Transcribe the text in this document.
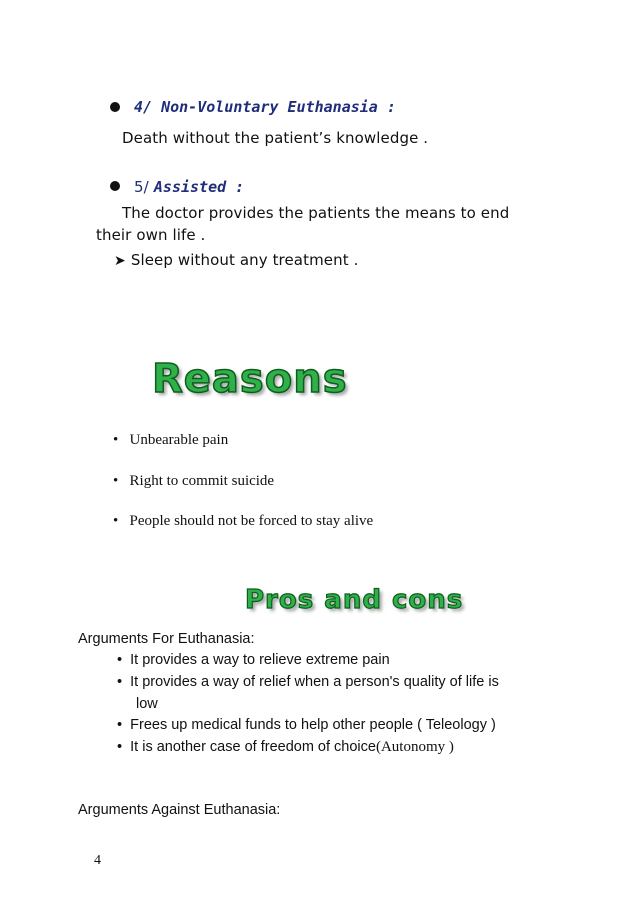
4/ Non-Voluntary Euthanasia :
Death without the patient’s knowledge .
5/ Assisted :
The doctor provides the patients the means to end
their own life .
➤ Sleep without any treatment .
Reasons
• Unbearable pain
• Right to commit suicide
• People should not be forced to stay alive
Pros and cons
Arguments For Euthanasia:
• It provides a way to relieve extreme pain
• It provides a way of relief when a person's quality of life is
low
• Frees up medical funds to help other people ( Teleology )
• It is another case of freedom of choice(Autonomy )
Arguments Against Euthanasia:
4
